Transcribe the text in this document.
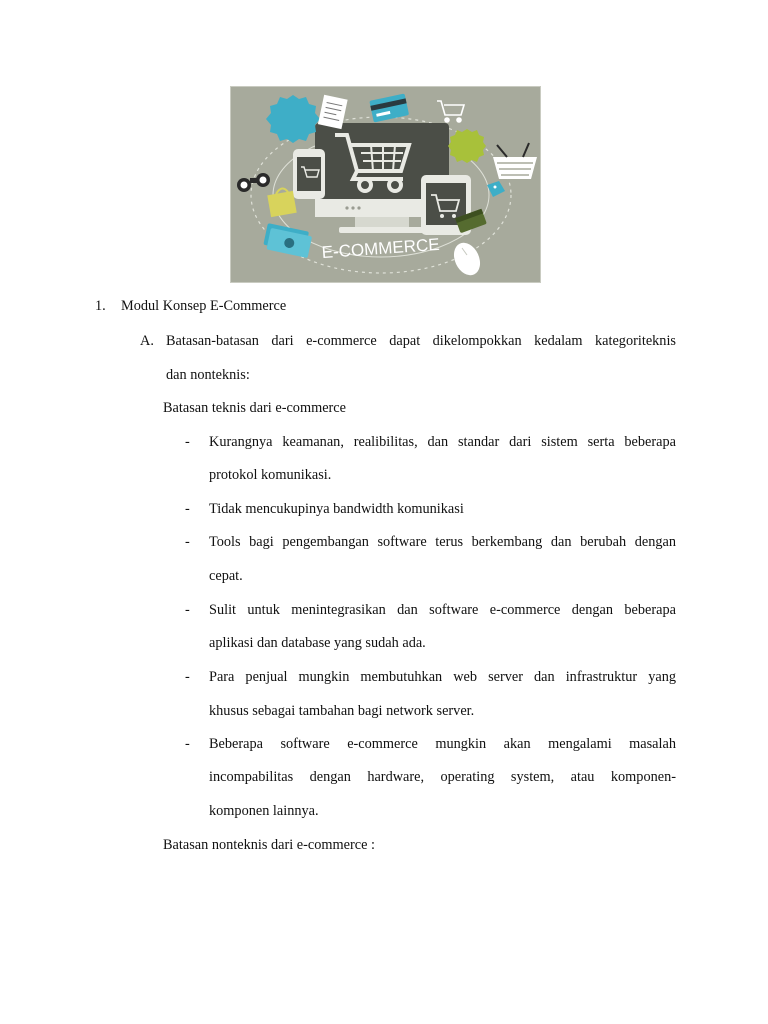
E-COMMERCE
1. Modul Konsep E-Commerce
A. Batasan-batasan dari e-commerce dapat dikelompokkan kedalam kategoriteknis
dan nonteknis:
Batasan teknis dari e-commerce
- Kurangnya keamanan, realibilitas, dan standar dari sistem serta beberapa
protokol komunikasi.
- Tidak mencukupinya bandwidth komunikasi
- Tools bagi pengembangan software terus berkembang dan berubah dengan
cepat.
- Sulit untuk menintegrasikan dan software e-commerce dengan beberapa
aplikasi dan database yang sudah ada.
- Para penjual mungkin membutuhkan web server dan infrastruktur yang
khusus sebagai tambahan bagi network server.
- Beberapa software e-commerce mungkin akan mengalami masalah
incompabilitas dengan hardware, operating system, atau komponen-
komponen lainnya.
Batasan nonteknis dari e-commerce :
